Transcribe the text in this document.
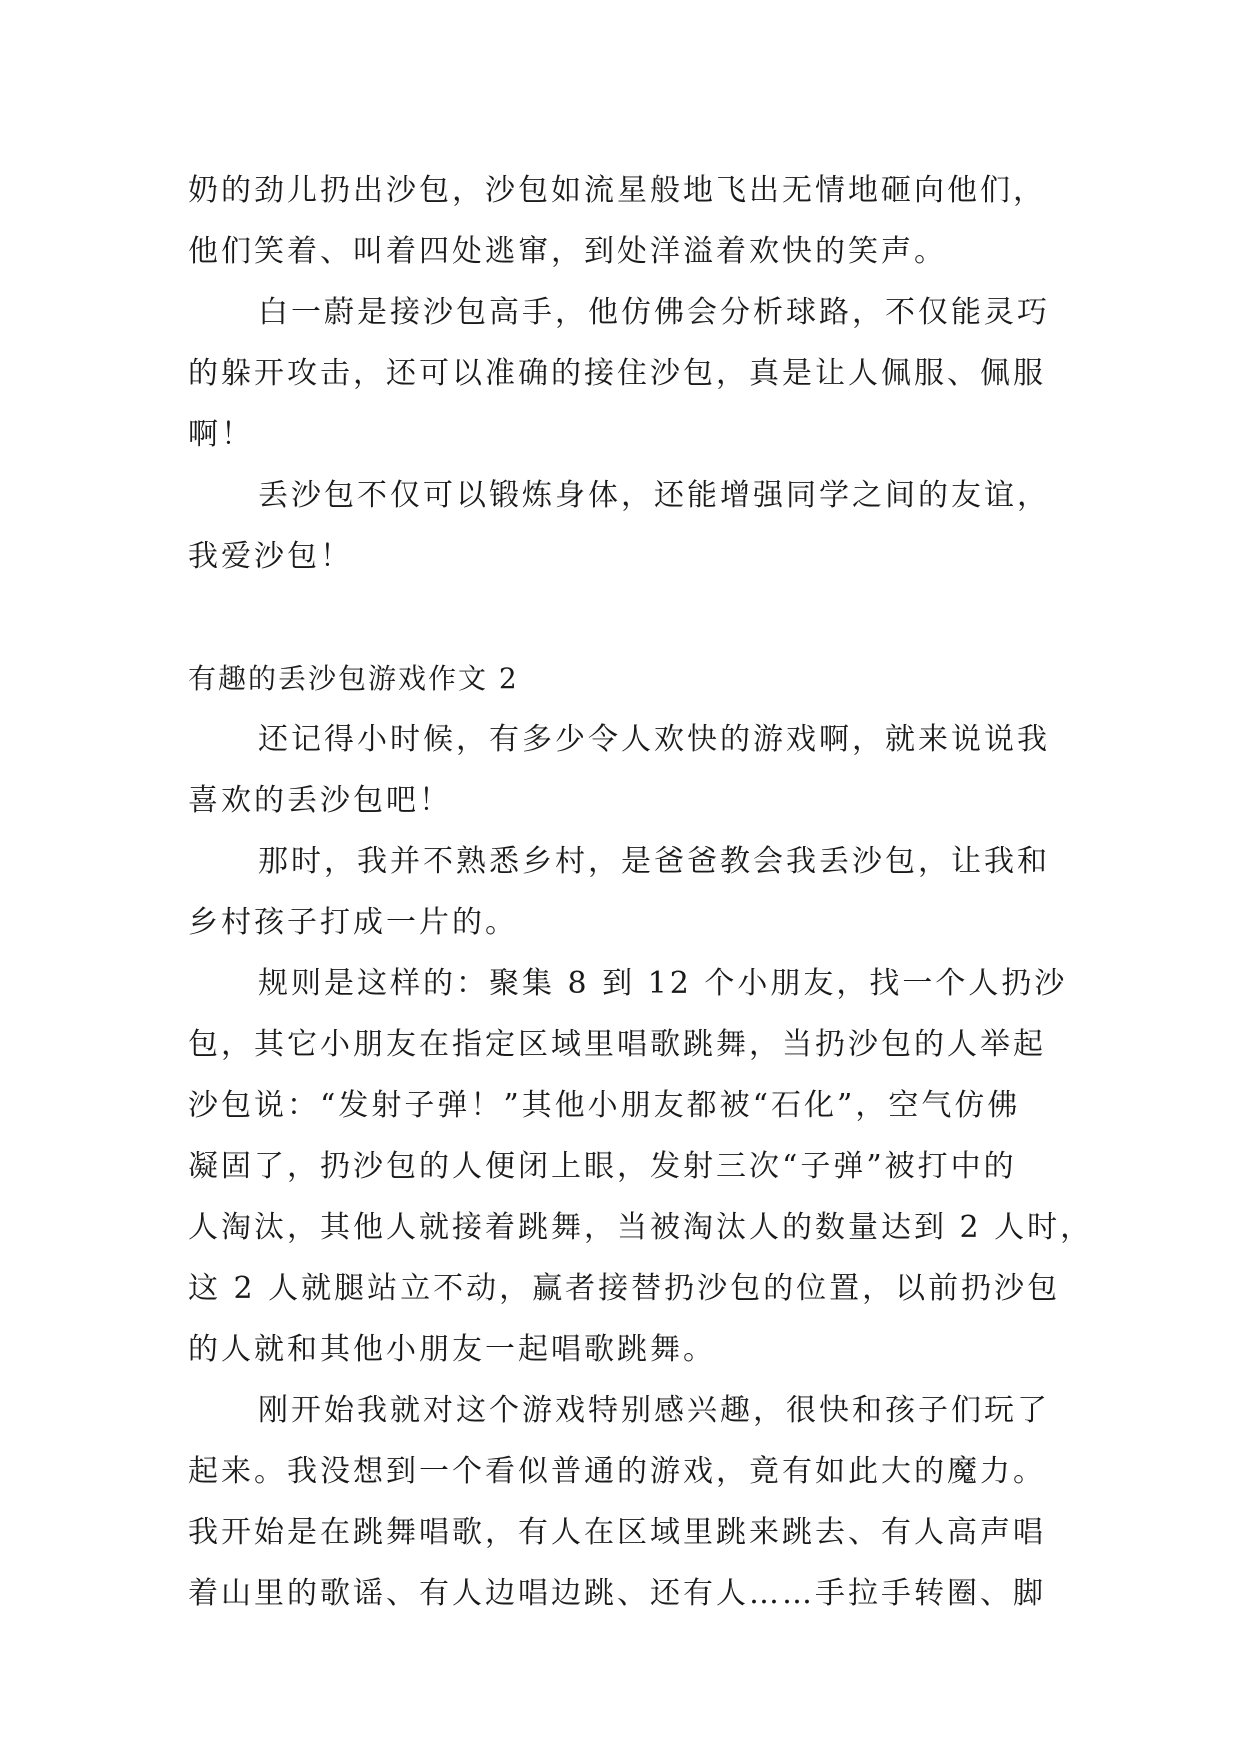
奶的劲儿扔出沙包，沙包如流星般地飞出无情地砸向他们，

他们笑着、叫着四处逃窜，到处洋溢着欢快的笑声。

白一蔚是接沙包高手，他仿佛会分析球路，不仅能灵巧

的躲开攻击，还可以准确的接住沙包，真是让人佩服、佩服

啊！

丢沙包不仅可以锻炼身体，还能增强同学之间的友谊，

我爱沙包！

有趣的丢沙包游戏作文 2

还记得小时候，有多少令人欢快的游戏啊，就来说说我

喜欢的丢沙包吧！

那时，我并不熟悉乡村，是爸爸教会我丢沙包，让我和

乡村孩子打成一片的。

规则是这样的：聚集 8 到 12 个小朋友，找一个人扔沙

包，其它小朋友在指定区域里唱歌跳舞，当扔沙包的人举起

沙包说：“发射子弹！”其他小朋友都被“石化”，空气仿佛

凝固了，扔沙包的人便闭上眼，发射三次“子弹”被打中的

人淘汰，其他人就接着跳舞，当被淘汰人的数量达到 2 人时，

这 2 人就腿站立不动，赢者接替扔沙包的位置，以前扔沙包

的人就和其他小朋友一起唱歌跳舞。

刚开始我就对这个游戏特别感兴趣，很快和孩子们玩了

起来。我没想到一个看似普通的游戏，竟有如此大的魔力。

我开始是在跳舞唱歌，有人在区域里跳来跳去、有人高声唱

着山里的歌谣、有人边唱边跳、还有人……手拉手转圈、脚
